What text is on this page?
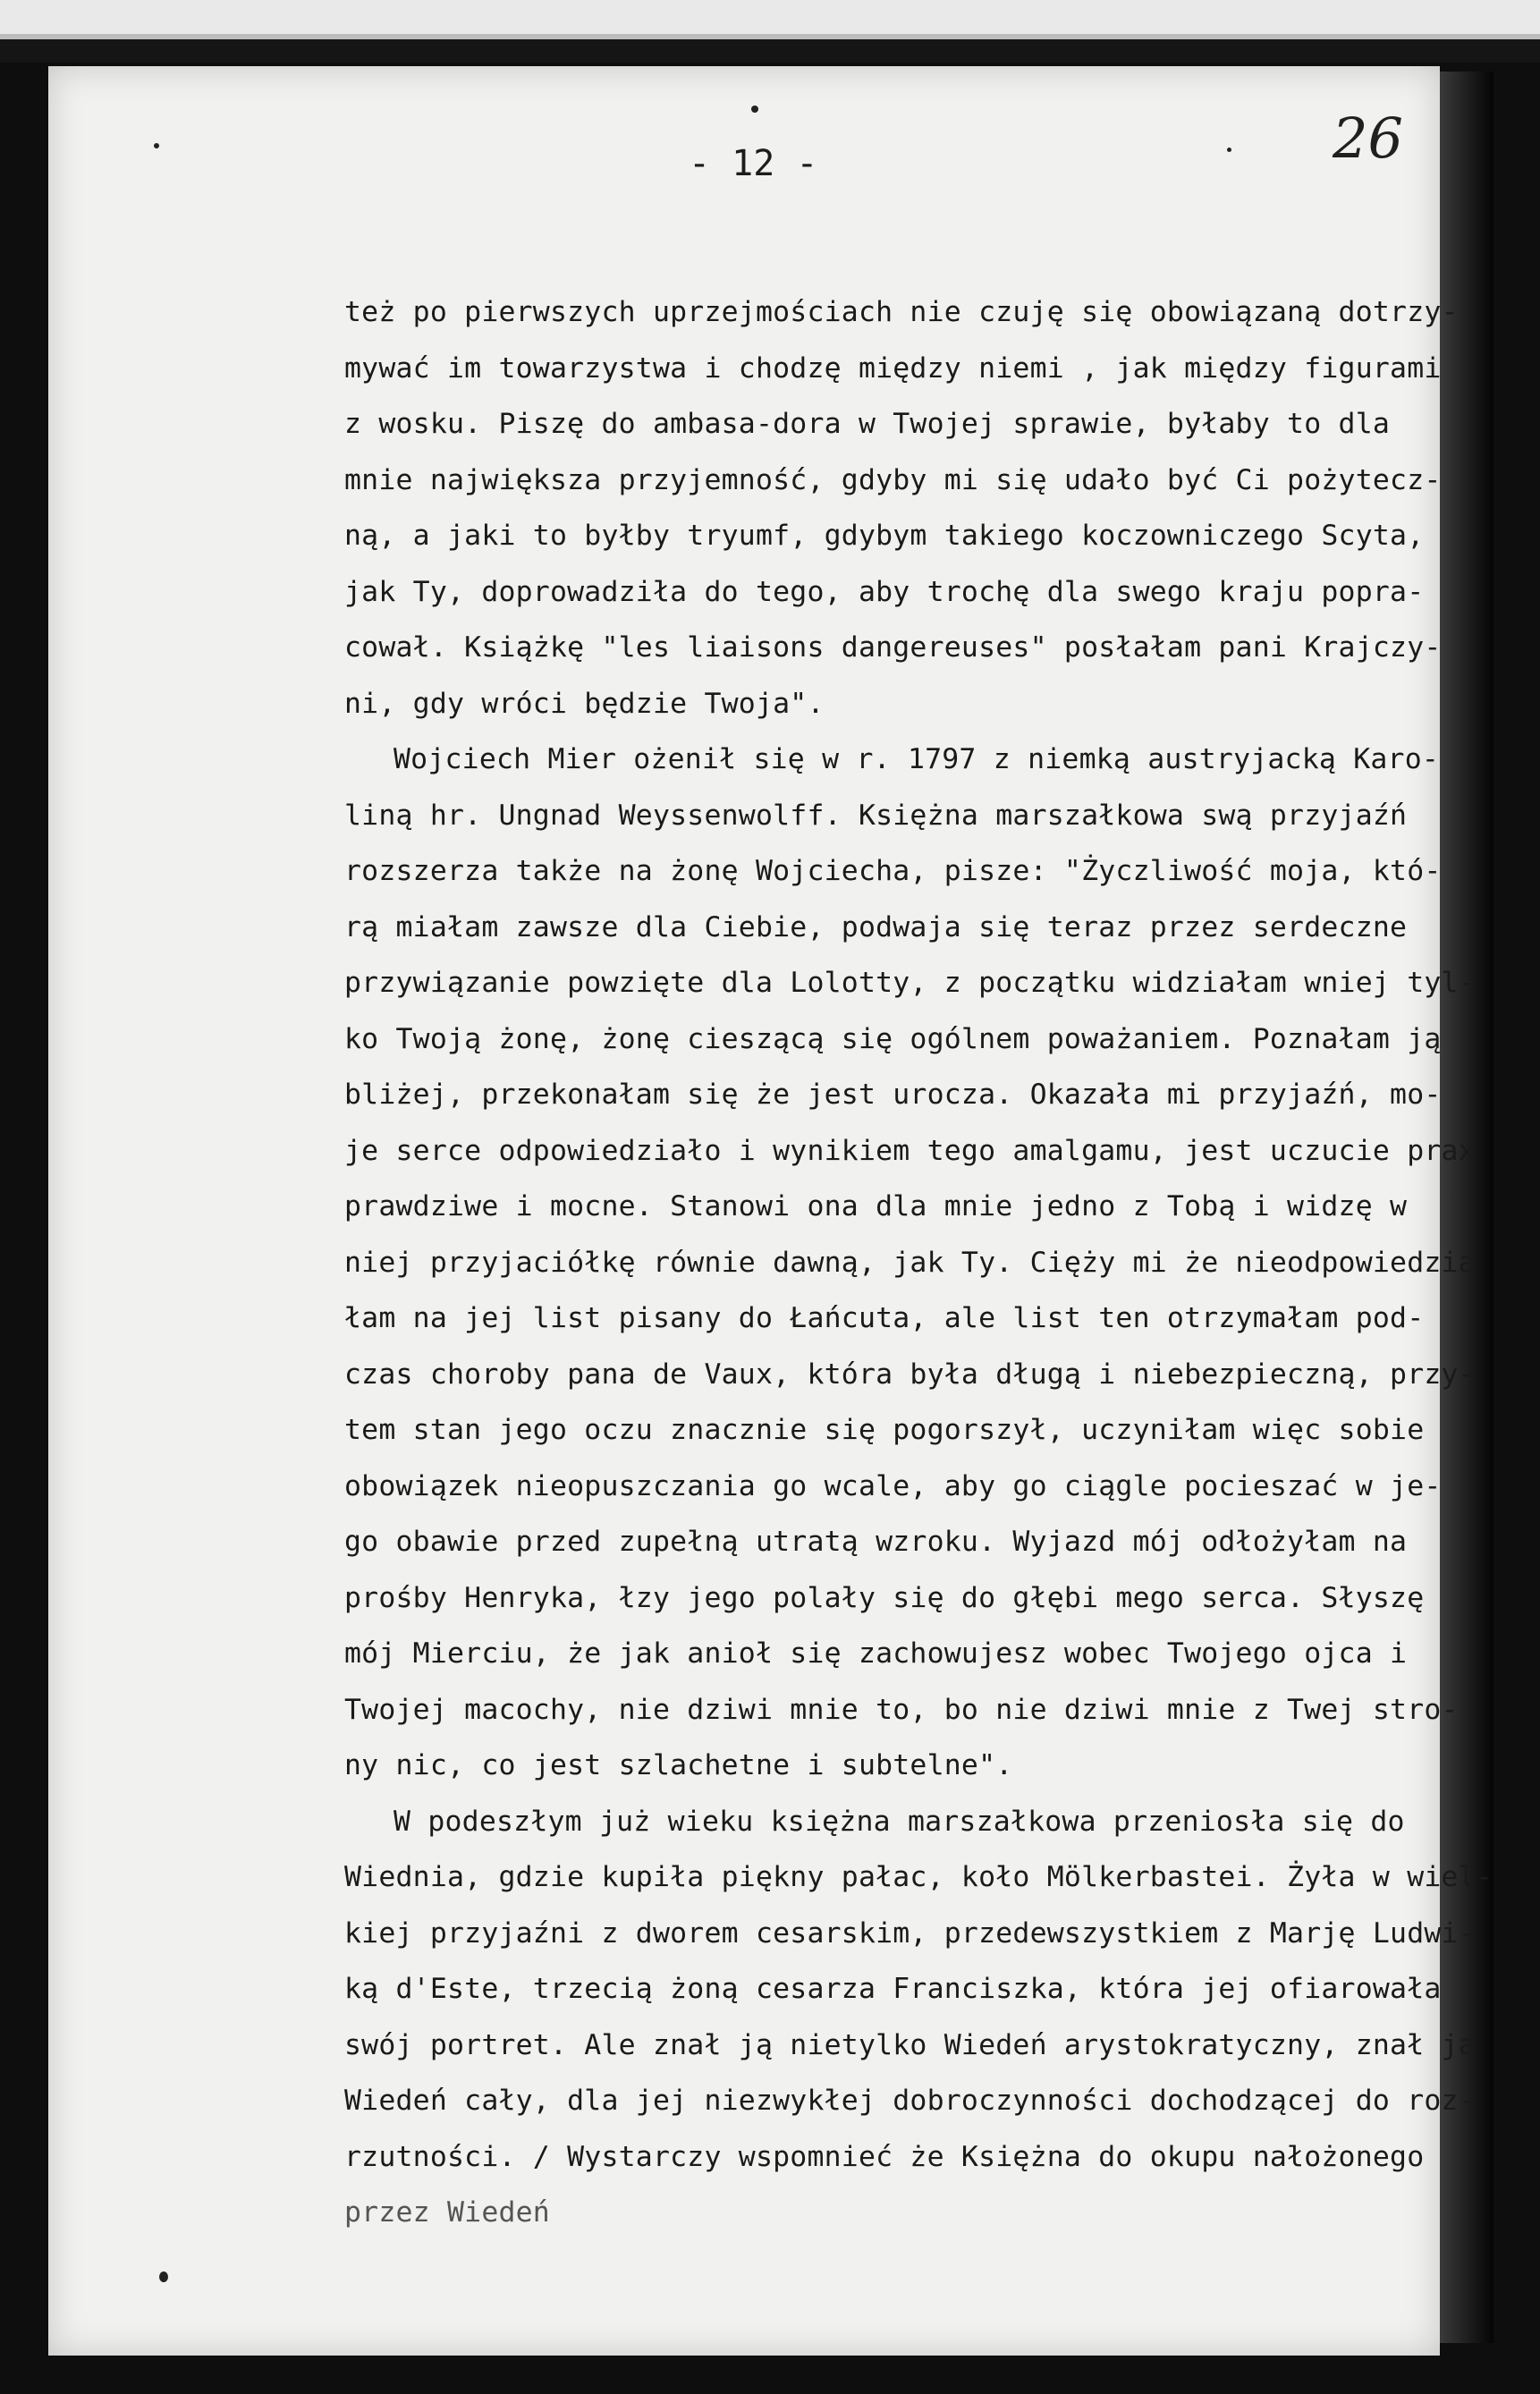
- 12 -	26
też po pierwszych uprzejmościach nie czuję się obowiązaną dotrzy-
mywać im towarzystwa i chodzę między niemi , jak między figurami
z wosku. Piszę do ambasa-dora w Twojej sprawie, byłaby to dla
mnie największa przyjemność, gdyby mi się udało być Ci pożytecz-
ną, a jaki to byłby tryumf, gdybym takiego koczowniczego Scyta,
jak Ty, doprowadziła do tego, aby trochę dla swego kraju popra-
cował. Książkę "les liaisons dangereuses" posłałam pani Krajczy-
ni, gdy wróci będzie Twoja".
Wojciech Mier ożenił się w r. 1797 z niemką austryjacką Karo-
liną hr. Ungnad Weyssenwolff. Księżna marszałkowa swą przyjaźń
rozszerza także na żonę Wojciecha, pisze: "Życzliwość moja, któ-
rą miałam zawsze dla Ciebie, podwaja się teraz przez serdeczne
przywiązanie powzięte dla Lolotty, z początku widziałam wniej tyl-
ko Twoją żonę, żonę cieszącą się ogólnem poważaniem. Poznałam ją
bliżej, przekonałam się że jest urocza. Okazała mi przyjaźń, mo-
je serce odpowiedziało i wynikiem tego amalgamu, jest uczucie prax
prawdziwe i mocne. Stanowi ona dla mnie jedno z Tobą i widzę w
niej przyjaciółkę równie dawną, jak Ty. Cięży mi że nieodpowiedzia
łam na jej list pisany do Łańcuta, ale list ten otrzymałam pod-
czas choroby pana de Vaux, która była długą i niebezpieczną, przy-
tem stan jego oczu znacznie się pogorszył, uczyniłam więc sobie
obowiązek nieopuszczania go wcale, aby go ciągle pocieszać w je-
go obawie przed zupełną utratą wzroku. Wyjazd mój odłożyłam na
prośby Henryka, łzy jego polały się do głębi mego serca. Słyszę
mój Mierciu, że jak anioł się zachowujesz wobec Twojego ojca i
Twojej macochy, nie dziwi mnie to, bo nie dziwi mnie z Twej stro-
ny nic, co jest szlachetne i subtelne".
W podeszłym już wieku księżna marszałkowa przeniosła się do
Wiednia, gdzie kupiła piękny pałac, koło Mölkerbastei. Żyła w wiel-
kiej przyjaźni z dworem cesarskim, przedewszystkiem z Marję Ludwi-
ką d'Este, trzecią żoną cesarza Franciszka, która jej ofiarowała
swój portret. Ale znał ją nietylko Wiedeń arystokratyczny, znał ją
Wiedeń cały, dla jej niezwykłej dobroczynności dochodzącej do roz-
rzutności. / Wystarczy wspomnieć że Księżna do okupu nałożonego
przez Wiedeń
